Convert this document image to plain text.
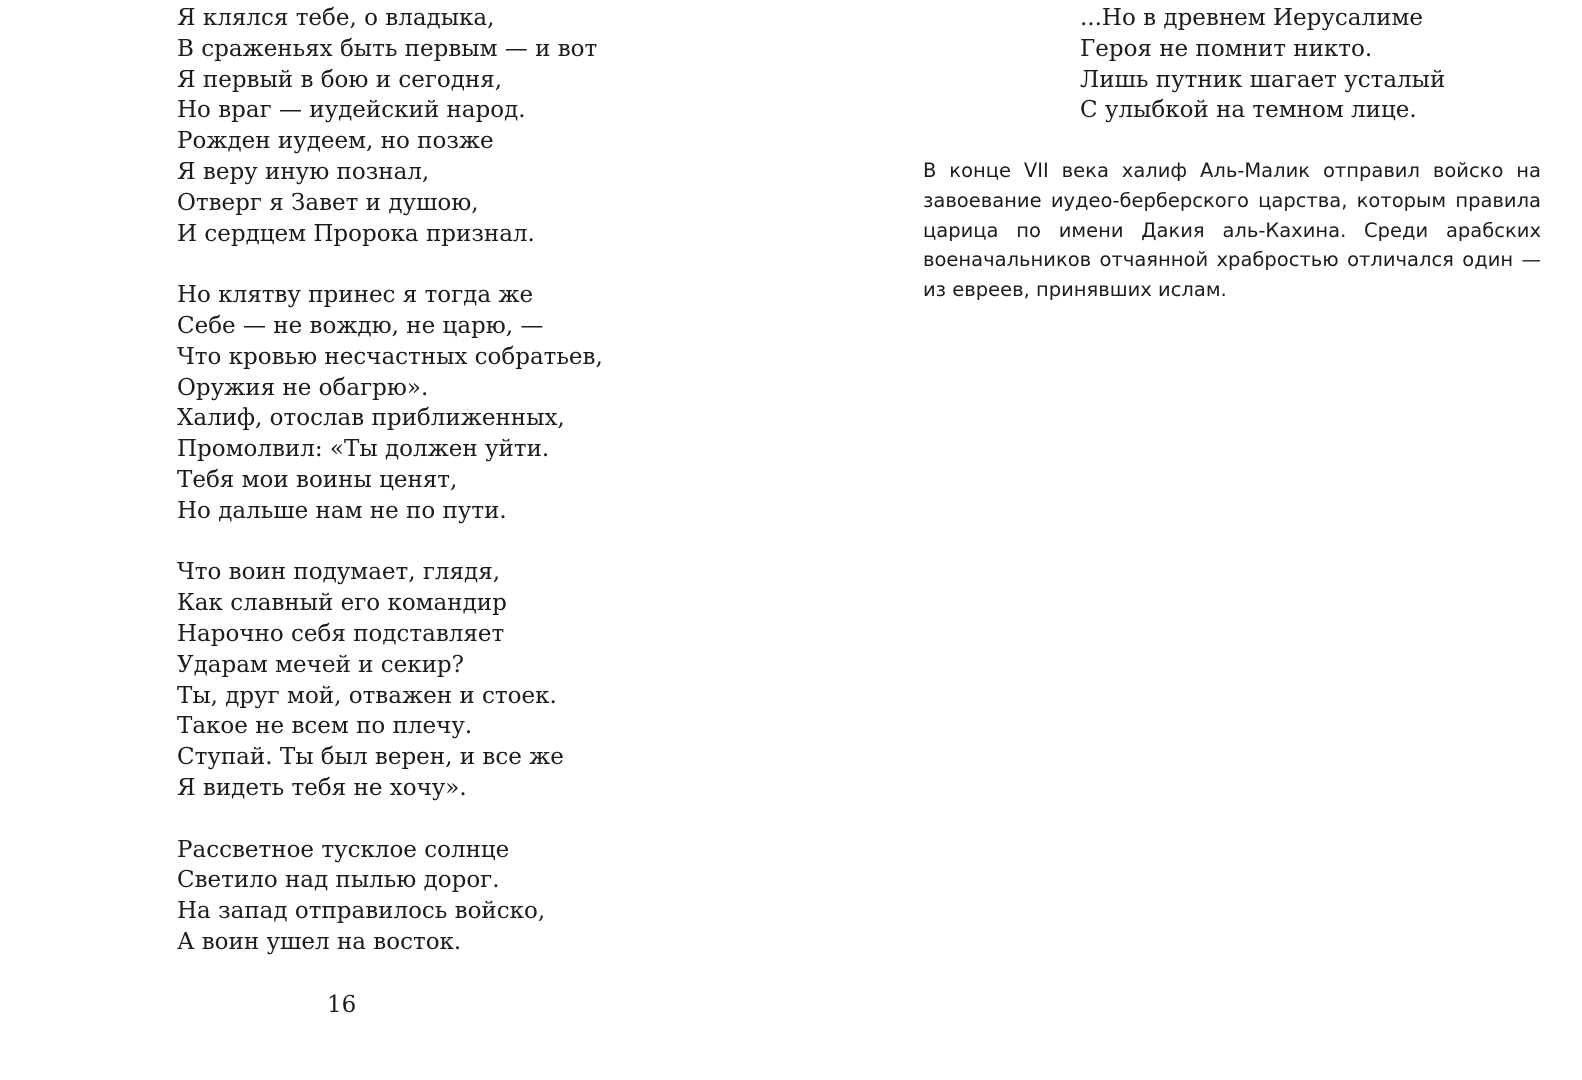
Я клялся тебе, о владыка,
В сраженьях быть первым — и вот
Я первый в бою и сегодня,
Но враг — иудейский народ.
Рожден иудеем, но позже
Я веру иную познал,
Отверг я Завет и душою,
И сердцем Пророка признал.
Но клятву принес я тогда же
Себе — не вождю, не царю, —
Что кровью несчастных собратьев,
Оружия не обагрю».
Халиф, отослав приближенных,
Промолвил: «Ты должен уйти.
Тебя мои воины ценят,
Но дальше нам не по пути.
Что воин подумает, глядя,
Как славный его командир
Нарочно себя подставляет
Ударам мечей и секир?
Ты, друг мой, отважен и стоек.
Такое не всем по плечу.
Ступай. Ты был верен, и все же
Я видеть тебя не хочу».
Рассветное тусклое солнце
Светило над пылью дорог.
На запад отправилось войско,
А воин ушел на восток.
16
...Но в древнем Иерусалиме
Героя не помнит никто.
Лишь путник шагает усталый
С улыбкой на темном лице.

В конце VII века халиф Аль-Малик отправил войско на завоевание иудео-берберского царства, которым правила царица по имени Дакия аль-Кахина. Среди арабских военачальников отчаянной храбростью отличался один — из евреев, принявших ислам.
